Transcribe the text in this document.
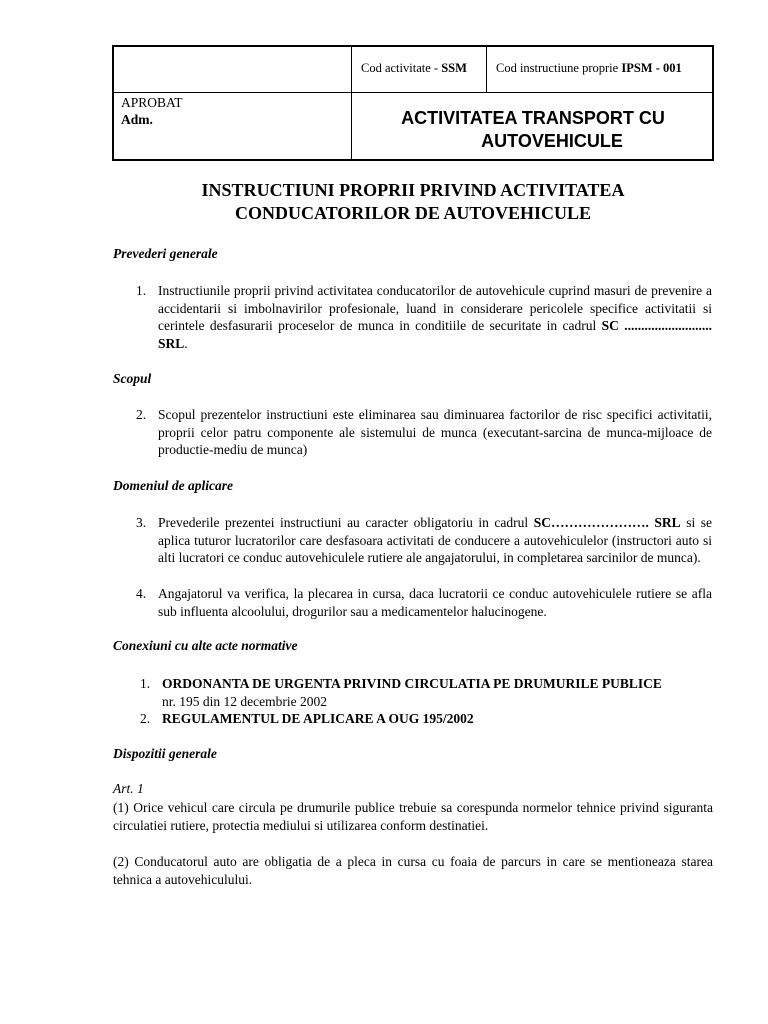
Cod activitate - SSM Cod instructiune proprie IPSM - 001
APROBAT
Adm.	ACTIVITATEA TRANSPORT CU
AUTOVEHICULE
INSTRUCTIUNI PROPRII PRIVIND ACTIVITATEA
CONDUCATORILOR DE AUTOVEHICULE
Prevederi generale
1. Instructiunile proprii privind activitatea conducatorilor de autovehicule cuprind masuri de prevenire a accidentarii si imbolnavirilor profesionale, luand in considerare pericolele specifice activitatii si cerintele desfasurarii proceselor de munca in conditiile de securitate in cadrul SC .......................... SRL.
Scopul
2. Scopul prezentelor instructiuni este eliminarea sau diminuarea factorilor de risc specifici activitatii, proprii celor patru componente ale sistemului de munca (executant-sarcina de munca-mijloace de productie-mediu de munca)
Domeniul de aplicare
3. Prevederile prezentei instructiuni au caracter obligatoriu in cadrul SC…………………. SRL si se aplica tuturor lucratorilor care desfasoara activitati de conducere a autovehiculelor (instructori auto si alti lucratori ce conduc autovehiculele rutiere ale angajatorului, in completarea sarcinilor de munca).
4. Angajatorul va verifica, la plecarea in cursa, daca lucratorii ce conduc autovehiculele rutiere se afla sub influenta alcoolului, drogurilor sau a medicamentelor halucinogene.
Conexiuni cu alte acte normative
1. ORDONANTA DE URGENTA PRIVIND CIRCULATIA PE DRUMURILE PUBLICE nr. 195 din 12 decembrie 2002
2. REGULAMENTUL DE APLICARE A OUG 195/2002
Dispozitii generale
Art. 1
(1) Orice vehicul care circula pe drumurile publice trebuie sa corespunda normelor tehnice privind siguranta circulatiei rutiere, protectia mediului si utilizarea conform destinatiei.
(2) Conducatorul auto are obligatia de a pleca in cursa cu foaia de parcurs in care se mentioneaza starea tehnica a autovehiculului.
